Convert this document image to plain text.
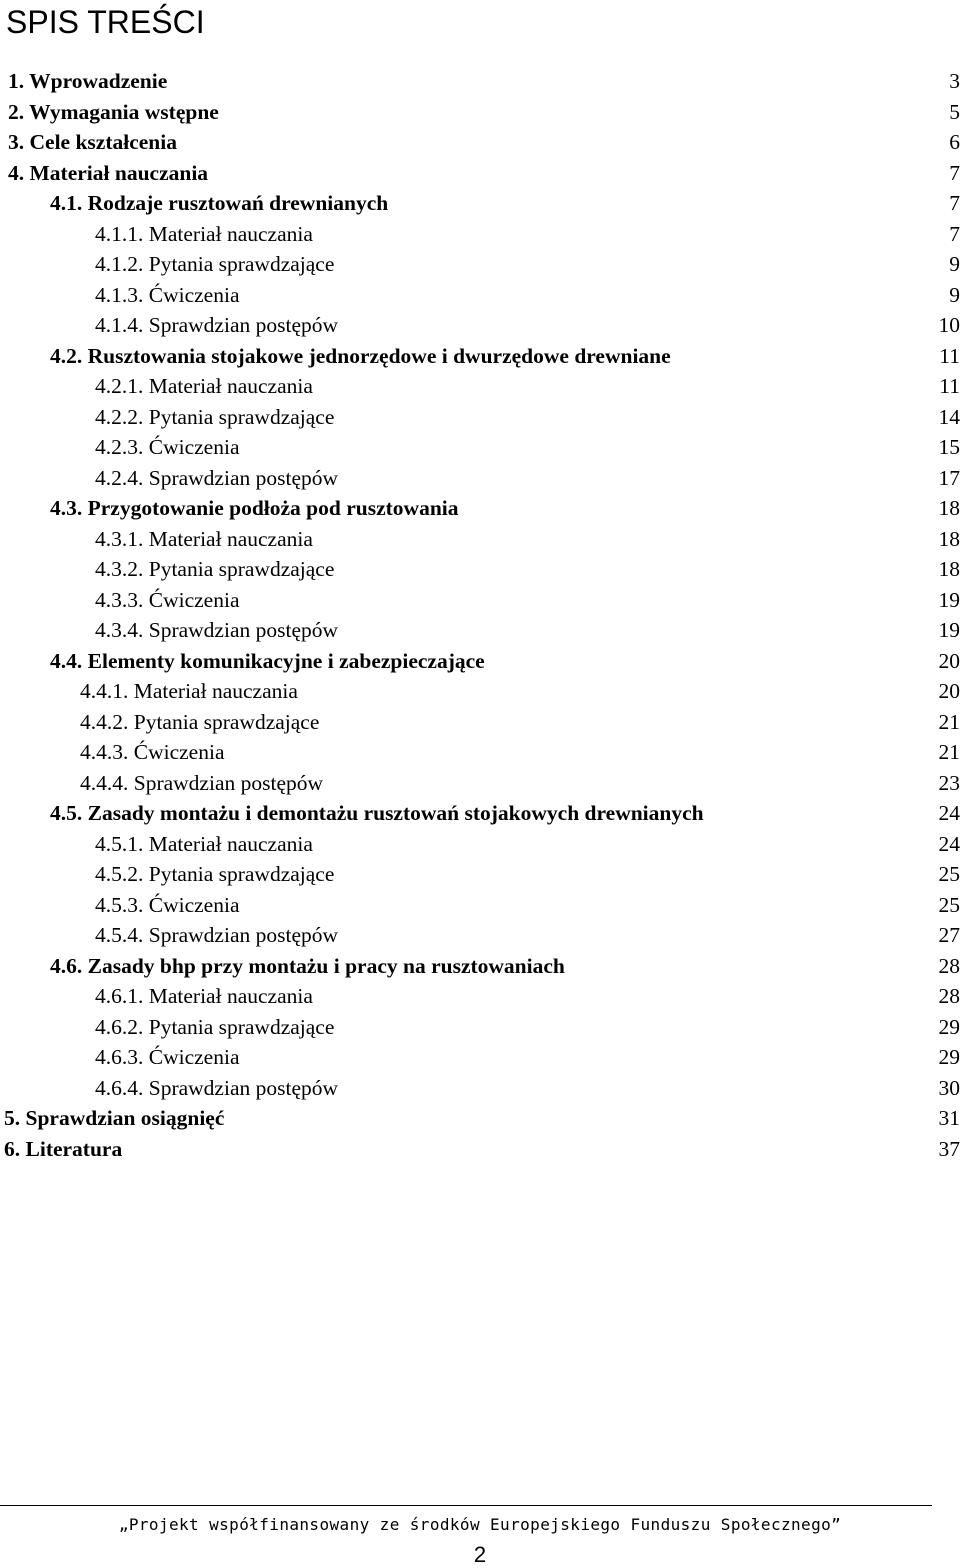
SPIS TREŚCI
1. Wprowadzenie	3
2. Wymagania wstępne	5
3. Cele kształcenia	6
4. Materiał nauczania	7
4.1. Rodzaje rusztowań drewnianych	7
4.1.1. Materiał nauczania	7
4.1.2. Pytania sprawdzające	9
4.1.3. Ćwiczenia	9
4.1.4. Sprawdzian postępów	10
4.2. Rusztowania stojakowe jednorzędowe i dwurzędowe drewniane	11
4.2.1. Materiał nauczania	11
4.2.2. Pytania sprawdzające	14
4.2.3. Ćwiczenia	15
4.2.4. Sprawdzian postępów	17
4.3. Przygotowanie podłoża pod rusztowania	18
4.3.1. Materiał nauczania	18
4.3.2. Pytania sprawdzające	18
4.3.3. Ćwiczenia	19
4.3.4. Sprawdzian postępów	19
4.4. Elementy komunikacyjne i zabezpieczające	20
4.4.1. Materiał nauczania	20
4.4.2. Pytania sprawdzające	21
4.4.3. Ćwiczenia	21
4.4.4. Sprawdzian postępów	23
4.5. Zasady montażu i demontażu rusztowań stojakowych drewnianych	24
4.5.1. Materiał nauczania	24
4.5.2. Pytania sprawdzające	25
4.5.3. Ćwiczenia	25
4.5.4. Sprawdzian postępów	27
4.6. Zasady bhp przy montażu i pracy na rusztowaniach	28
4.6.1. Materiał nauczania	28
4.6.2. Pytania sprawdzające	29
4.6.3. Ćwiczenia	29
4.6.4. Sprawdzian postępów	30
5. Sprawdzian osiągnięć	31
6. Literatura	37
„Projekt współfinansowany ze środków Europejskiego Funduszu Społecznego”
2
